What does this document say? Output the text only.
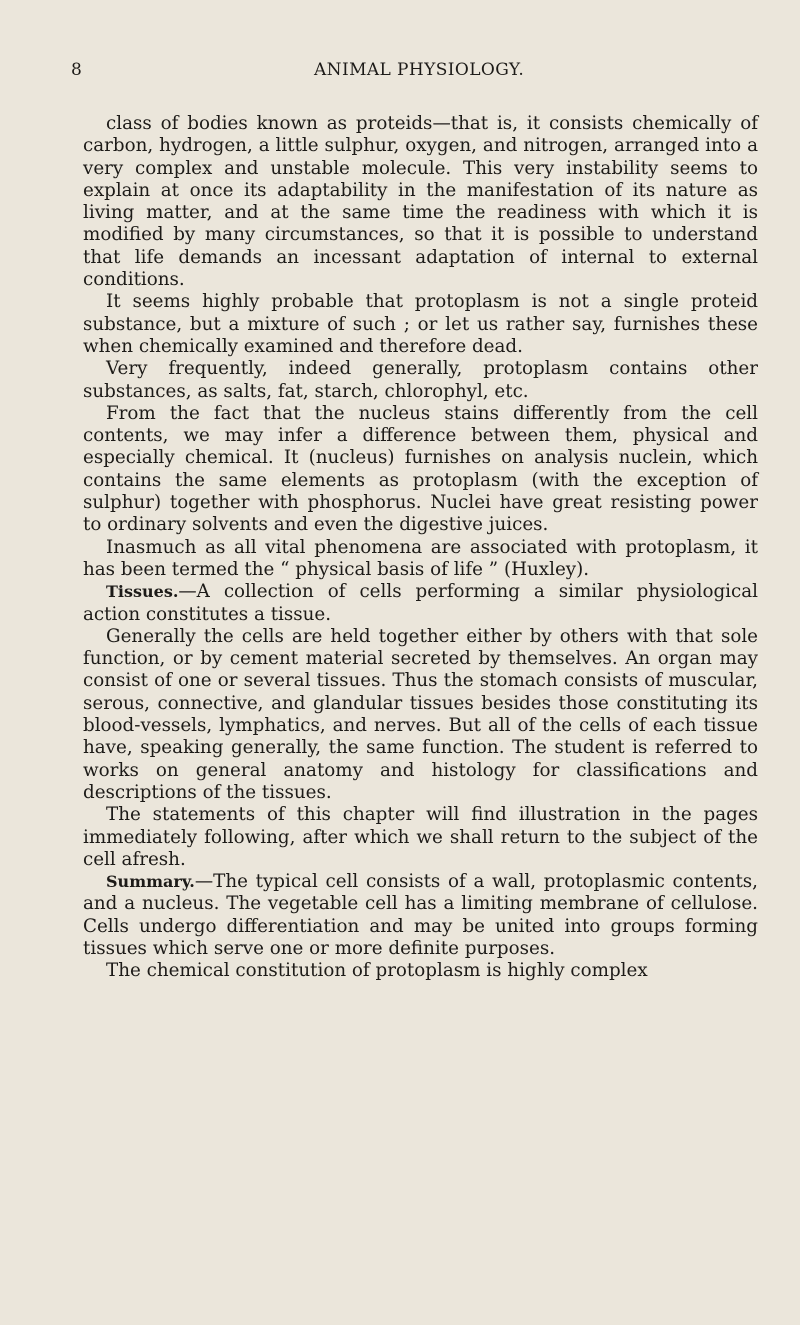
8	ANIMAL PHYSIOLOGY.

class of bodies known as proteids—that is, it consists chemically of carbon, hydrogen, a little sulphur, oxygen, and nitrogen, arranged into a very complex and unstable molecule. This very instability seems to explain at once its adaptability in the manifestation of its nature as living matter, and at the same time the readiness with which it is modified by many circumstances, so that it is possible to understand that life demands an incessant adaptation of internal to external conditions.

It seems highly probable that protoplasm is not a single proteid substance, but a mixture of such ; or let us rather say, furnishes these when chemically examined and therefore dead.

Very frequently, indeed generally, protoplasm contains other substances, as salts, fat, starch, chlorophyl, etc.

From the fact that the nucleus stains differently from the cell contents, we may infer a difference between them, physical and especially chemical. It (nucleus) furnishes on analysis nuclein, which contains the same elements as protoplasm (with the exception of sulphur) together with phosphorus. Nuclei have great resisting power to ordinary solvents and even the digestive juices.

Inasmuch as all vital phenomena are associated with protoplasm, it has been termed the “ physical basis of life ” (Huxley).

Tissues.—A collection of cells performing a similar physiological action constitutes a tissue.

Generally the cells are held together either by others with that sole function, or by cement material secreted by themselves. An organ may consist of one or several tissues. Thus the stomach consists of muscular, serous, connective, and glandular tissues besides those constituting its blood-vessels, lymphatics, and nerves. But all of the cells of each tissue have, speaking generally, the same function. The student is referred to works on general anatomy and histology for classifications and descriptions of the tissues.

The statements of this chapter will find illustration in the pages immediately following, after which we shall return to the subject of the cell afresh.

Summary.—The typical cell consists of a wall, protoplasmic contents, and a nucleus. The vegetable cell has a limiting membrane of cellulose. Cells undergo differentiation and may be united into groups forming tissues which serve one or more definite purposes.

The chemical constitution of protoplasm is highly complex
